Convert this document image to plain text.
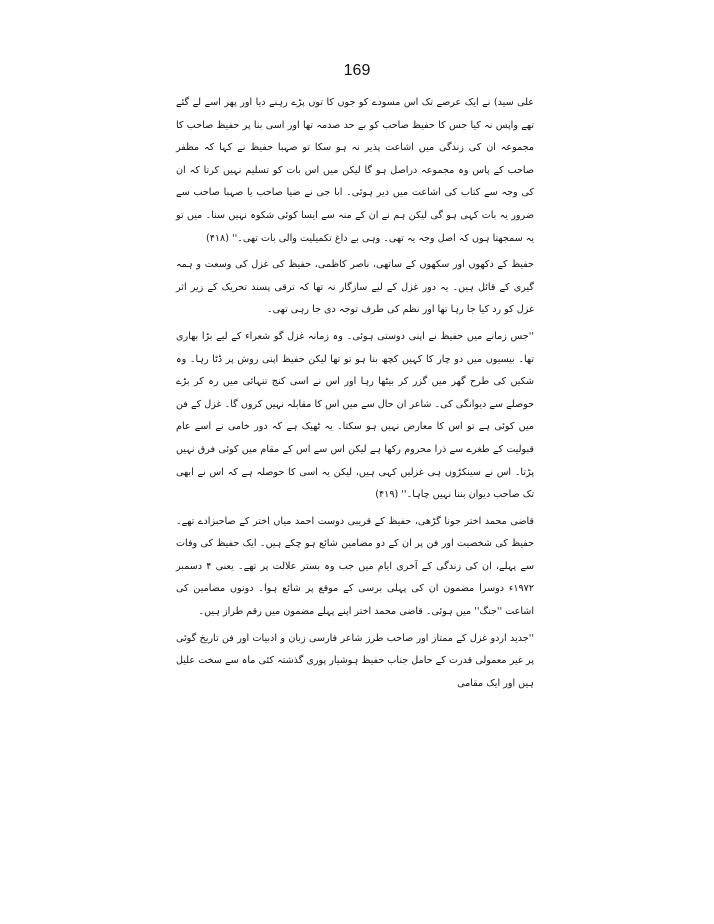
169

علی سید) نے ایک عرصے تک اس مسودے کو جوں کا توں پڑے رہنے دیا اور پھر اسے لے گئے تھے واپس نہ کیا جس کا حفیظ صاحب کو بے حد صدمہ تھا اور اسی بنا پر حفیظ صاحب کا مجموعہ ان کی زندگی میں اشاعت پذیر نہ ہو سکا تو صہبا حفیظ نے کہا کہ مظفر صاحب کے پاس وہ مجموعہ دراصل ہو گا لیکن میں اس بات کو تسلیم نہیں کرتا کہ ان کی وجہ سے کتاب کی اشاعت میں دیر ہوئی۔ ابا جی نے ضیا صاحب یا صہبا صاحب سے ضرور یہ بات کہی ہو گی لیکن ہم نے ان کے منہ سے ایسا کوئی شکوہ نہیں سنا۔ میں تو یہ سمجھتا ہوں کہ اصل وجہ یہ تھی۔ وہی بے داغ تکمیلیت والی بات تھی۔'' (۴۱۸)

حفیظ کے دکھوں اور سکھوں کے ساتھی، ناصر کاظمی، حفیظ کی غزل کی وسعت و ہمہ گیری کے قائل ہیں۔ یہ دور غزل کے لیے سازگار نہ تھا کہ ترقی پسند تحریک کے زیر اثر غزل کو رد کیا جا رہا تھا اور نظم کی طرف توجہ دی جا رہی تھی۔

''جس زمانے میں حفیظ نے اپنی دوستی ہوئی۔ وہ زمانہ غزل گو شعراء کے لیے بڑا بھاری تھا۔ بیسیوں میں دو چار کا کہیں کچھ بنا ہو تو تھا لیکن حفیظ اپنی روش پر ڈٹا رہا۔ وہ شکیں کی طرح گھر میں گزر کر بیٹھا رہا اور اس نے اسی کنج تنہائی میں رہ کر بڑے حوصلے سے دیوانگی کی۔ شاعر ان حال سے میں اس کا مقابلہ نہیں کروں گا۔ غزل کے فن میں کوئی ہے تو اس کا معارض نہیں ہو سکتا۔ یہ ٹھیک ہے کہ دور خامی نے اسے عام قبولیت کے طغرے سے ذرا محروم رکھا ہے لیکن اس سے اس کے مقام میں کوئی فرق نہیں پڑتا۔ اس نے سینکڑوں ہی غزلیں کہی ہیں، لیکن یہ اسی کا حوصلہ ہے کہ اس نے ابھی تک صاحب دیوان بننا نہیں چاہا۔'' (۴۱۹)

قاضی محمد اختر جونا گڑھی، حفیظ کے قریبی دوست احمد میاں اختر کے صاحبزادے تھے۔ حفیظ کی شخصیت اور فن پر ان کے دو مضامین شائع ہو چکے ہیں۔ ایک حفیظ کی وفات سے پہلے، ان کی زندگی کے آخری ایام میں جب وہ بستر علالت پر تھے۔ یعنی ۴ دسمبر ۱۹۷۲ء دوسرا مضمون ان کی پہلی برسی کے موقع پر شائع ہوا۔ دونوں مضامین کی اشاعت ''جنگ'' میں ہوئی۔ قاضی محمد اختر اپنے پہلے مضمون میں رقم طراز ہیں۔

''جدید اردو غزل کے ممتاز اور صاحب طرز شاعر فارسی زبان و ادبیات اور فن تاریخ گوئی پر غیر معمولی قدرت کے حامل جناب حفیظ ہوشیار پوری گذشتہ کئی ماہ سے سخت علیل ہیں اور ایک مقامی
